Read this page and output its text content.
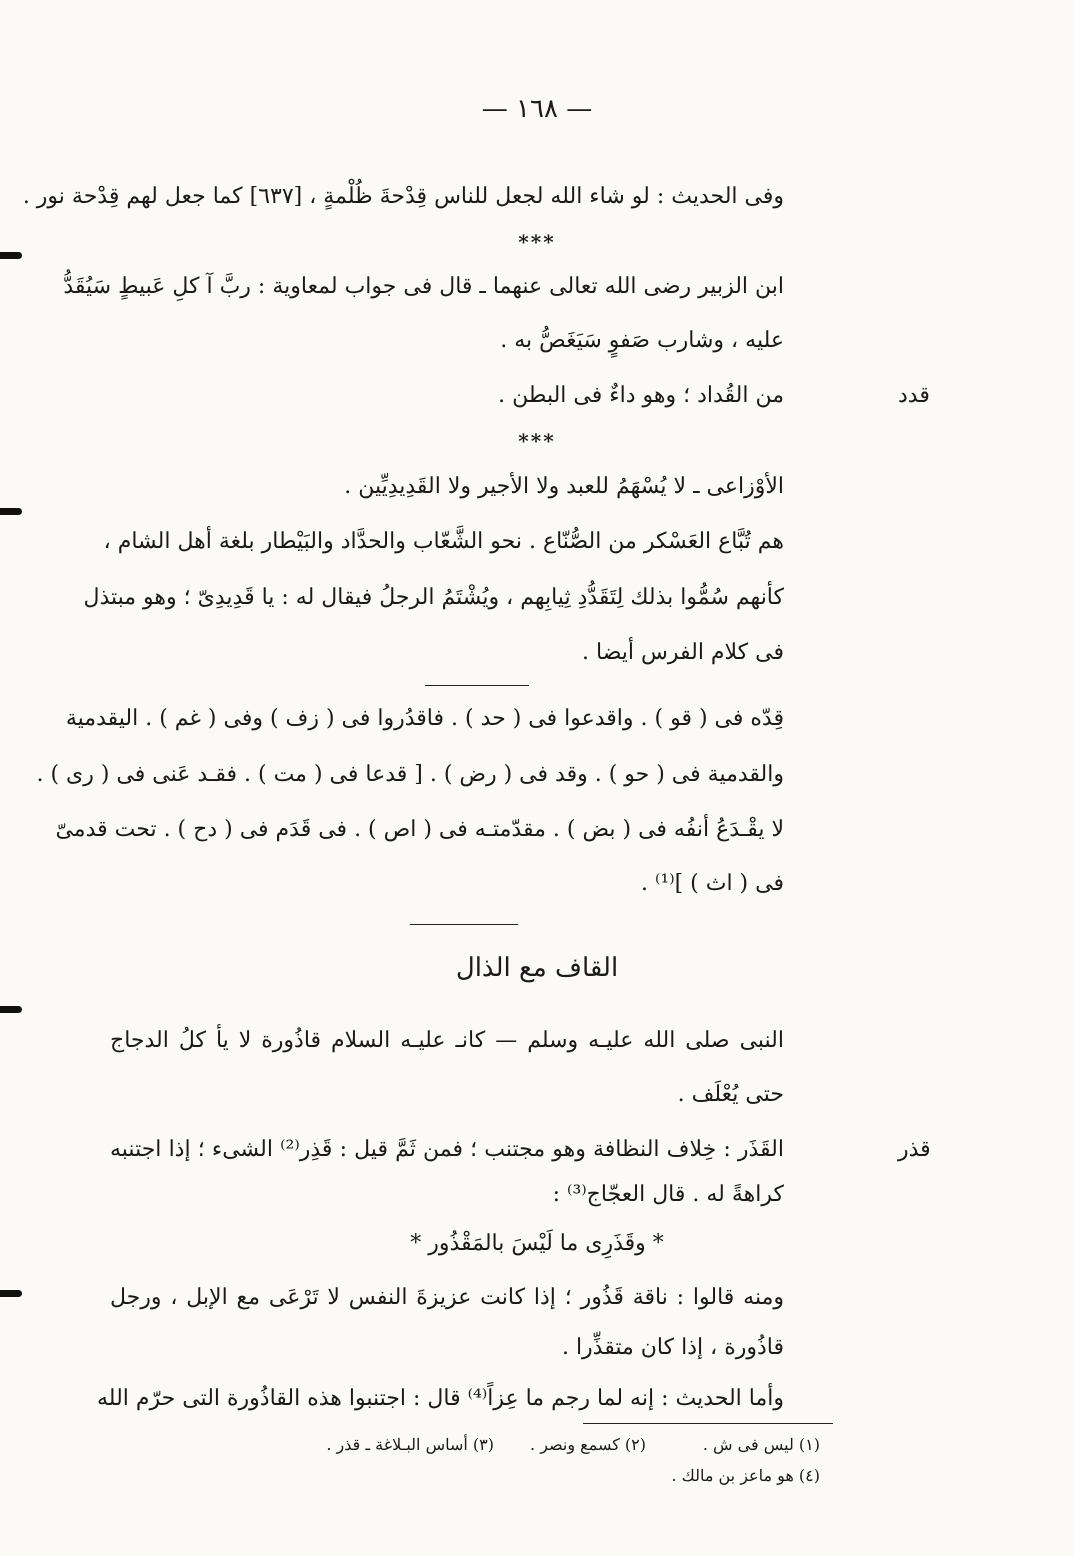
— ١٦٨ —
وفى الحديث : لو شاء الله لجعل للناس قِدْحةَ ظُلْمةٍ ، [٦٣٧] كما جعل لهم قِدْحة نور .
***
ابن الزبير رضى الله تعالى عنهما ـ قال فى جواب لمعاوية : ربَّ آ كلِ عَبيطٍ سَيُقَدُّ
عليه ، وشارب صَفوٍ سَيَغَصُّ به .
من القُداد ؛ وهو داءٌ فى البطن .	قدد
***
الأوْزاعى ـ لا يُسْهَمُ للعبد ولا الأجير ولا القَدِيدِيِّين .
هم تُبَّاع العَسْكر من الصُّنّاع . نحو الشَّعّاب والحدَّاد والبَيْطار بلغة أهل الشام ،
كأنهم سُمُّوا بذلك لِتَقَدُّدِ ثِيابِهم ، ويُشْتَمُ الرجلُ فيقال له : يا قَدِيدِىّ ؛ وهو مبتذل
فى كلام الفرس أيضا .
قِدّه فى ( قو ) . واقدعوا فى ( حد ) . فاقدُروا فى ( زف ) وفى ( غم ) . اليقدمية
والقدمية فى ( حو ) . وقد فى ( رض ) . [ قدعا فى ( مت ) . فقـد عَنى فى ( رى ) .
لا يقْـدَعُ أنفُه فى ( بض ) . مقدّمتـه فى ( اص ) . فى قَدَم فى ( دح ) . تحت قدمىّ
فى ( اث ) ]⁽¹⁾ .
القاف مع الذال
النبى صلى الله عليـه وسلم — كانـ عليـه السلام قاذُورة لا يأ كلُ الدجاج
حتى يُعْلَف .
القَذَر : خِلاف النظافة وهو مجتنب ؛ فمن ثَمَّ قيل : قَذِر⁽²⁾ الشىء ؛ إذا اجتنبه	قذر
كراهةً له . قال العجّاج⁽³⁾ :
* وقَذَرِى ما لَيْسَ بالمَقْذُور *
ومنه قالوا : ناقة قَذُور ؛ إذا كانت عزيزةَ النفس لا تَرْعَى مع الإبل ، ورجل
قاذُورة ، إذا كان متقذِّرا .
وأما الحديث : إنه لما رجم ما عِزاً⁽⁴⁾ قال : اجتنبوا هذه القاذُورة التى حرّم الله
(١) ليس فى ش .
(٢) كسمع ونصر .
(٣) أساس البـلاغة ـ قذر .
(٤) هو ماعز بن مالك .
